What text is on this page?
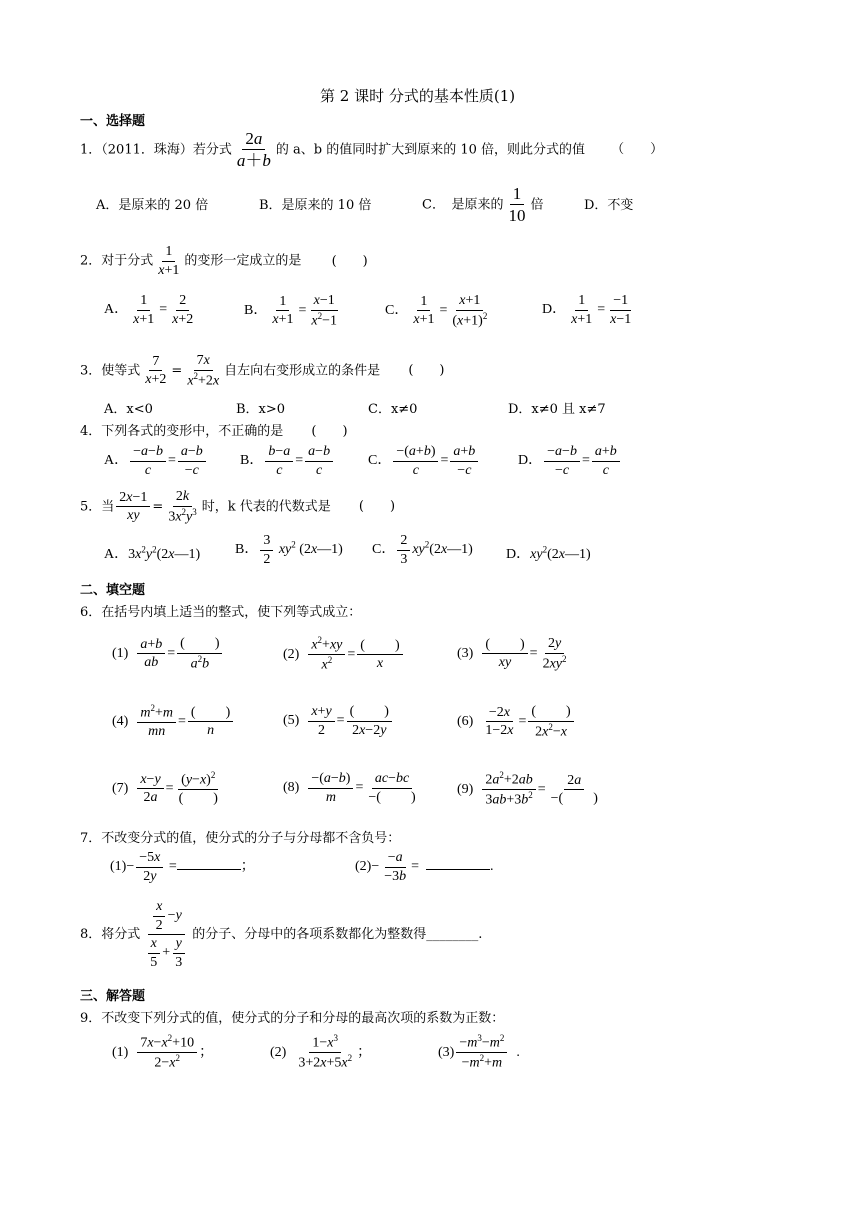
第 2 课时 分式的基本性质(1)
一、选择题
1．（2011．珠海）若分式 $\frac{2a}{a+b}$ 的 a、b 的值同时扩大到原来的 10 倍，则此分式的值 （　　）
A．是原来的 20 倍	B．是原来的 10 倍	C．　是原来的 $\frac{1}{10}$ 倍	D．不变
2．对于分式 $\frac{1}{x+1}$ 的变形一定成立的是 (　　)
A． $\frac{1}{x+1} = \frac{2}{x+2}$	B． $\frac{1}{x+1} = \frac{x-1}{x^2-1}$	C． $\frac{1}{x+1} = \frac{x+1}{(x+1)^2}$	D． $\frac{1}{x+1} = \frac{-1}{x-1}$
3．使等式 $\frac{7}{x+2} = \frac{7x}{x^2+2x}$ 自左向右变形成立的条件是 (　　)
A．x<0	B．x>0	C．x≠0	D．x≠0 且 x≠7
4．下列各式的变形中，不正确的是 (　　)
A． $\frac{-a-b}{c} = \frac{a-b}{-c}$ B． $\frac{b-a}{c} = \frac{a-b}{c}$ C． $\frac{-(a+b)}{c} = \frac{a+b}{-c}$	D． $\frac{-a-b}{-c} = \frac{a+b}{c}$
5．当 $\frac{2x-1}{xy} = \frac{2k}{3x^2y^3}$ 时，k 代表的代数式是 (　　)
A．$3x^2y^2(2x—1)$ B． $\frac{3}{2} xy^2$ (2x—1) C． $\frac{2}{3}$ $xy^2(2x—1)$ D．$xy^2(2x—1)$
二、填空题
6．在括号内填上适当的整式，使下列等式成立：
$(1) \frac{a+b}{ab} = \frac{( )}{a^2b}$	$(2) \frac{x^2+xy}{x^2} = \frac{( )}{x}$	$(3) \frac{( )}{xy} = \frac{2y}{2xy^2}$
$(4) \frac{m^2+m}{mn} = \frac{( )}{n}$	$(5) \frac{x+y}{2} = \frac{( )}{2x-2y}$	$(6) \frac{-2x}{1-2x} = \frac{( )}{2x^2-x}$
$(7) \frac{x-y}{2a} = \frac{(y-x)^2}{( )}$	$(8) \frac{-(a-b)}{m} = \frac{ac-bc}{-( )}$	$(9) \frac{2a^2+2ab}{3ab+3b^2} = \frac{2a}{-( )}$
7．不改变分式的值，使分式的分子与分母都不含负号：
$(1)- \frac{-5x}{2y}$ =	；	$(2)- \frac{-a}{-3b}$ =	.
8．将分式 $\frac{\frac{x}{2} -y}{\frac{x}{5} + \frac{y}{3}}$ 的分子、分母中的各项系数都化为整数得________.
三、解答题
9．不改变下列分式的值，使分式的分子和分母的最高次项的系数为正数：
$(1) \frac{7x-x^2+10}{2-x^2}$ ；	$(2) \frac{1-x^3}{3+2x+5x^2}$ ；	$(3) \frac{-m^3-m^2}{-m^2+m}$ .
